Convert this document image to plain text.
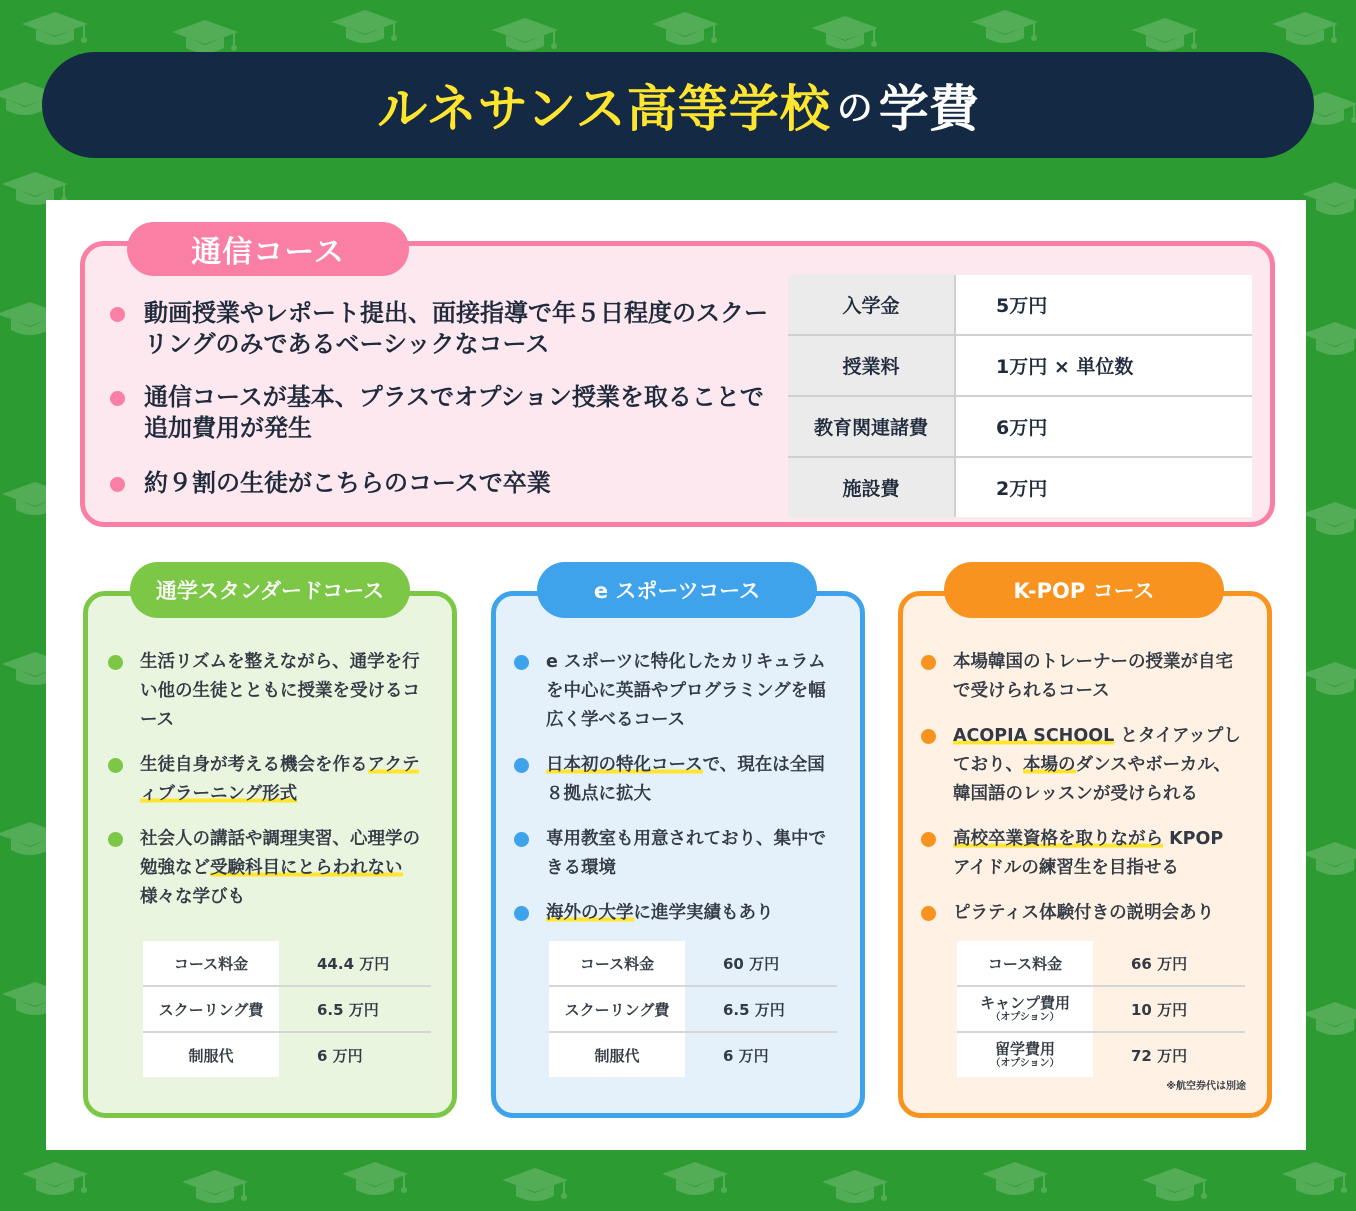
ルネサンス高等学校 の 学費
通信コース
動画授業やレポート提出、面接指導で年５日程度のスクーリングのみであるベーシックなコース
通信コースが基本、プラスでオプション授業を取ることで追加費用が発生
約９割の生徒がこちらのコースで卒業
入学金	5万円
授業料	1万円 × 単位数
教育関連諸費	6万円
施設費	2万円
通学スタンダードコース
生活リズムを整えながら、通学を行い他の生徒とともに授業を受けるコース
生徒自身が考える機会を作るアクティブラーニング形式
社会人の講話や調理実習、心理学の勉強など受験科目にとらわれない様々な学びも
コース料金	44.4 万円
スクーリング費	6.5 万円
制服代	6 万円
e スポーツコース
e スポーツに特化したカリキュラムを中心に英語やプログラミングを幅広く学べるコース
日本初の特化コースで、現在は全国８拠点に拡大
専用教室も用意されており、集中できる環境
海外の大学に進学実績もあり
コース料金	60 万円
スクーリング費	6.5 万円
制服代	6 万円
K-POP コース
本場韓国のトレーナーの授業が自宅で受けられるコース
ACOPIA SCHOOL とタイアップしており、本場のダンスやボーカル、韓国語のレッスンが受けられる
高校卒業資格を取りながら KPOP アイドルの練習生を目指せる
ピラティス体験付きの説明会あり
コース料金	66 万円
キャンプ費用
（オプション）	10 万円
留学費用
（オプション）	72 万円
※航空券代は別途
